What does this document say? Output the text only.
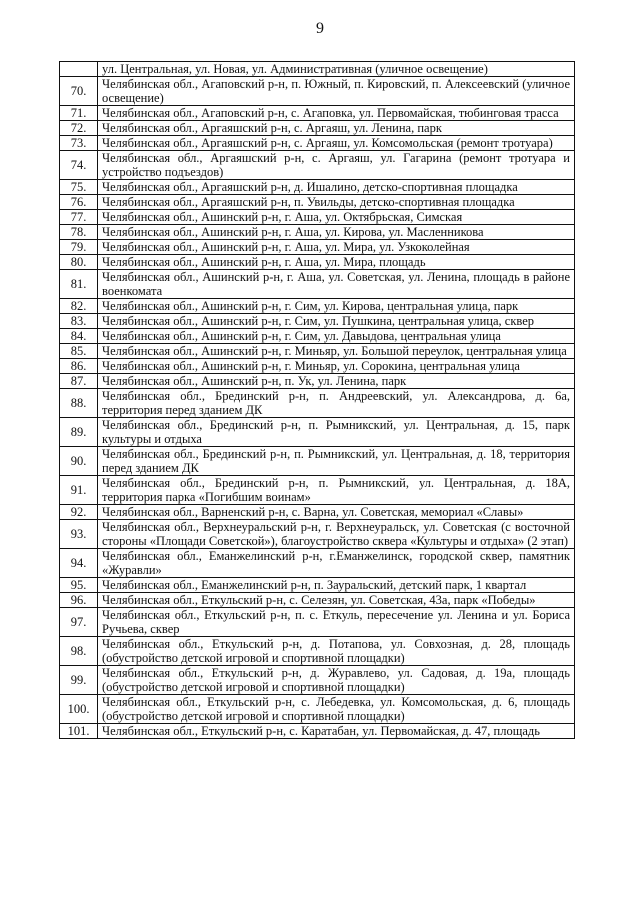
9
	ул. Центральная, ул. Новая, ул. Административная (уличное освещение)
70.	Челябинская обл., Агаповский р-н, п. Южный, п. Кировский, п. Алексеевский (уличное освещение)
71.	Челябинская обл., Агаповский р-н, с. Агаповка, ул. Первомайская, тюбинговая трасса
72.	Челябинская обл., Аргаяшский р-н, с. Аргаяш, ул. Ленина, парк
73.	Челябинская обл., Аргаяшский р-н, с. Аргаяш, ул. Комсомольская (ремонт тротуара)
74.	Челябинская обл., Аргаяшский р-н, с. Аргаяш, ул. Гагарина (ремонт тротуара и устройство подъездов)
75.	Челябинская обл., Аргаяшский р-н, д. Ишалино, детско-спортивная площадка
76.	Челябинская обл., Аргаяшский р-н, п. Увильды, детско-спортивная площадка
77.	Челябинская обл., Ашинский р-н, г. Аша, ул. Октябрьская, Симская
78.	Челябинская обл., Ашинский р-н, г. Аша, ул. Кирова, ул. Масленникова
79.	Челябинская обл., Ашинский р-н, г. Аша, ул. Мира, ул. Узкоколейная
80.	Челябинская обл., Ашинский р-н, г. Аша, ул. Мира, площадь
81.	Челябинская обл., Ашинский р-н, г. Аша, ул. Советская, ул. Ленина, площадь в районе военкомата
82.	Челябинская обл., Ашинский р-н, г. Сим, ул. Кирова, центральная улица, парк
83.	Челябинская обл., Ашинский р-н, г. Сим, ул. Пушкина, центральная улица, сквер
84.	Челябинская обл., Ашинский р-н, г. Сим, ул. Давыдова, центральная улица
85.	Челябинская обл., Ашинский р-н, г. Миньяр, ул. Большой переулок, центральная улица
86.	Челябинская обл., Ашинский р-н, г. Миньяр, ул. Сорокина, центральная улица
87.	Челябинская обл., Ашинский р-н, п. Ук, ул. Ленина, парк
88.	Челябинская обл., Брединский р-н, п. Андреевский, ул. Александрова, д. 6а, территория перед зданием ДК
89.	Челябинская обл., Брединский р-н, п. Рымникский, ул. Центральная, д. 15, парк культуры и отдыха
90.	Челябинская обл., Брединский р-н, п. Рымникский, ул. Центральная, д. 18, территория перед зданием ДК
91.	Челябинская обл., Брединский р-н, п. Рымникский, ул. Центральная, д. 18А, территория парка «Погибшим воинам»
92.	Челябинская обл., Варненский р-н, с. Варна, ул. Советская, мемориал «Славы»
93.	Челябинская обл., Верхнеуральский р-н, г. Верхнеуральск, ул. Советская (с восточной стороны «Площади Советской»), благоустройство сквера «Культуры и отдыха» (2 этап)
94.	Челябинская обл., Еманжелинский р-н, г.Еманжелинск, городской сквер, памятник «Журавли»
95.	Челябинская обл., Еманжелинский р-н, п. Зауральский, детский парк, 1 квартал
96.	Челябинская обл., Еткульский р-н, с. Селезян, ул. Советская, 43а, парк «Победы»
97.	Челябинская обл., Еткульский р-н, п. с. Еткуль, пересечение ул. Ленина и ул. Бориса Ручьева, сквер
98.	Челябинская обл., Еткульский р-н, д. Потапова, ул. Совхозная, д. 28, площадь (обустройство детской игровой и спортивной площадки)
99.	Челябинская обл., Еткульский р-н, д. Журавлево, ул. Садовая, д. 19а, площадь (обустройство детской игровой и спортивной площадки)
100.	Челябинская обл., Еткульский р-н, с. Лебедевка, ул. Комсомольская, д. 6, площадь (обустройство детской игровой и спортивной площадки)
101.	Челябинская обл., Еткульский р-н, с. Каратабан, ул. Первомайская, д. 47, площадь
